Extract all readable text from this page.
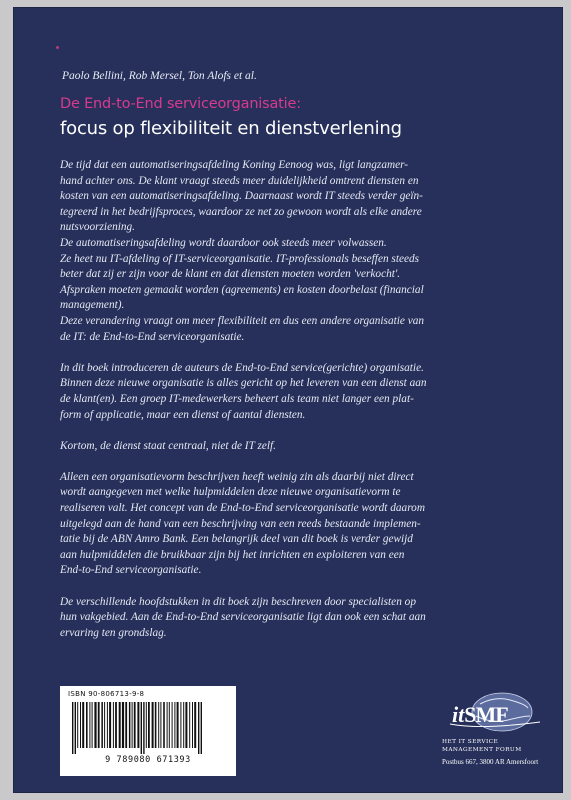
Paolo Bellini, Rob Mersel, Ton Alofs et al.
De End-to-End serviceorganisatie:
focus op flexibiliteit en dienstverlening

De tijd dat een automatiseringsafdeling Koning Eenoog was, ligt langzamer-

hand achter ons. De klant vraagt steeds meer duidelijkheid omtrent diensten en

kosten van een automatiseringsafdeling. Daarnaast wordt IT steeds verder geïn-

tegreerd in het bedrijfsproces, waardoor ze net zo gewoon wordt als elke andere

nutsvoorziening.

De automatiseringsafdeling wordt daardoor ook steeds meer volwassen.

Ze heet nu IT-afdeling of IT-serviceorganisatie. IT-professionals beseffen steeds

beter dat zij er zijn voor de klant en dat diensten moeten worden 'verkocht'.

Afspraken moeten gemaakt worden (agreements) en kosten doorbelast (financial

management).

Deze verandering vraagt om meer flexibiliteit en dus een andere organisatie van

de IT: de End-to-End serviceorganisatie.

In dit boek introduceren de auteurs de End-to-End service(gerichte) organisatie.

Binnen deze nieuwe organisatie is alles gericht op het leveren van een dienst aan

de klant(en). Een groep IT-medewerkers beheert als team niet langer een plat-

form of applicatie, maar een dienst of aantal diensten.

Kortom, de dienst staat centraal, niet de IT zelf.

Alleen een organisatievorm beschrijven heeft weinig zin als daarbij niet direct

wordt aangegeven met welke hulpmiddelen deze nieuwe organisatievorm te

realiseren valt. Het concept van de End-to-End serviceorganisatie wordt daarom

uitgelegd aan de hand van een beschrijving van een reeds bestaande implemen-

tatie bij de ABN Amro Bank. Een belangrijk deel van dit boek is verder gewijd

aan hulpmiddelen die bruikbaar zijn bij het inrichten en exploiteren van een

End-to-End serviceorganisatie.

De verschillende hoofdstukken in dit boek zijn beschreven door specialisten op

hun vakgebied. Aan de End-to-End serviceorganisatie ligt dan ook een schat aan

ervaring ten grondslag.

ISBN 90-806713-9-8
9 789080 671393
itSMF
HET IT SERVICE
MANAGEMENT FORUM
Postbus 667, 3800 AR Amersfoort
